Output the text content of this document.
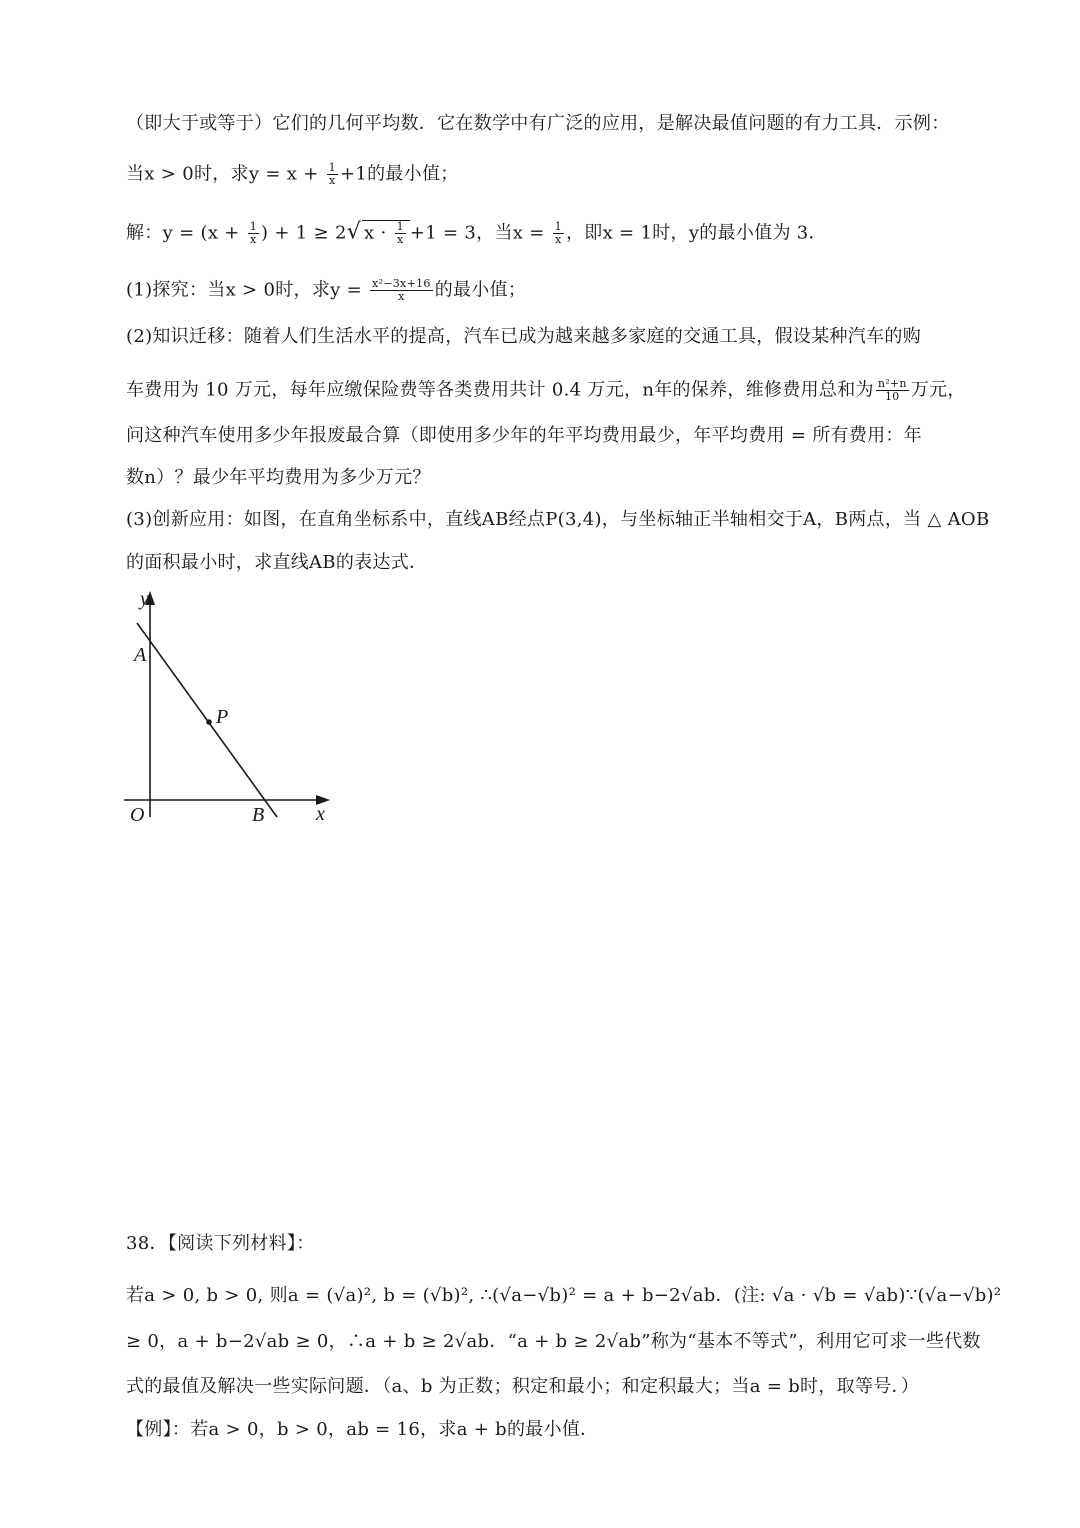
（即大于或等于）它们的几何平均数．它在数学中有广泛的应用，是解决最值问题的有力工具．示例：
当x > 0时，求$y = x + \frac{1}{x} +1$的最小值；
解：$y = (x + \frac{1}{x}$ ) + 1 ≥ 2√ $x \cdot \frac{1}{x} +1 = 3$，当$x = \frac{1}{x}$ ，即x = 1时，y的最小值为 3．
(1)探究：当x > 0时，求$y = \frac{\text{x²−3x+16}}{x}$ 的最小值；
(2)知识迁移：随着人们生活水平的提高，汽车已成为越来越多家庭的交通工具，假设某种汽车的购
车费用为 10 万元，每年应缴保险费等各类费用共计 0.4 万元，n年的保养，维修费用总和为 $\frac{\text{n²+n}}{10}$ 万元，
问这种汽车使用多少年报废最合算（即使用多少年的年平均费用最少，年平均费用 = 所有费用：年
数n）？最少年平均费用为多少万元？
(3)创新应用：如图，在直角坐标系中，直线AB经点P(3,4)，与坐标轴正半轴相交于A，B两点，当 △ AOB
的面积最小时，求直线AB的表达式．
y
x
O
A
B
P
38．【阅读下列材料】：
若a > 0, b > 0, 则a = (√a)², b = (√b)², ∴(√a−√b)² = a + b−2√ab．(注: √a · √b = √ab)∵(√a−√b)²
≥ 0，a + b−2√ab ≥ 0，∴a + b ≥ 2√ab．“a + b ≥ 2√ab”称为“基本不等式”，利用它可求一些代数
式的最值及解决一些实际问题．（a、b 为正数；积定和最小；和定积最大；当a = b时，取等号．）
【例】：若a > 0，b > 0，ab = 16，求a + b的最小值．
